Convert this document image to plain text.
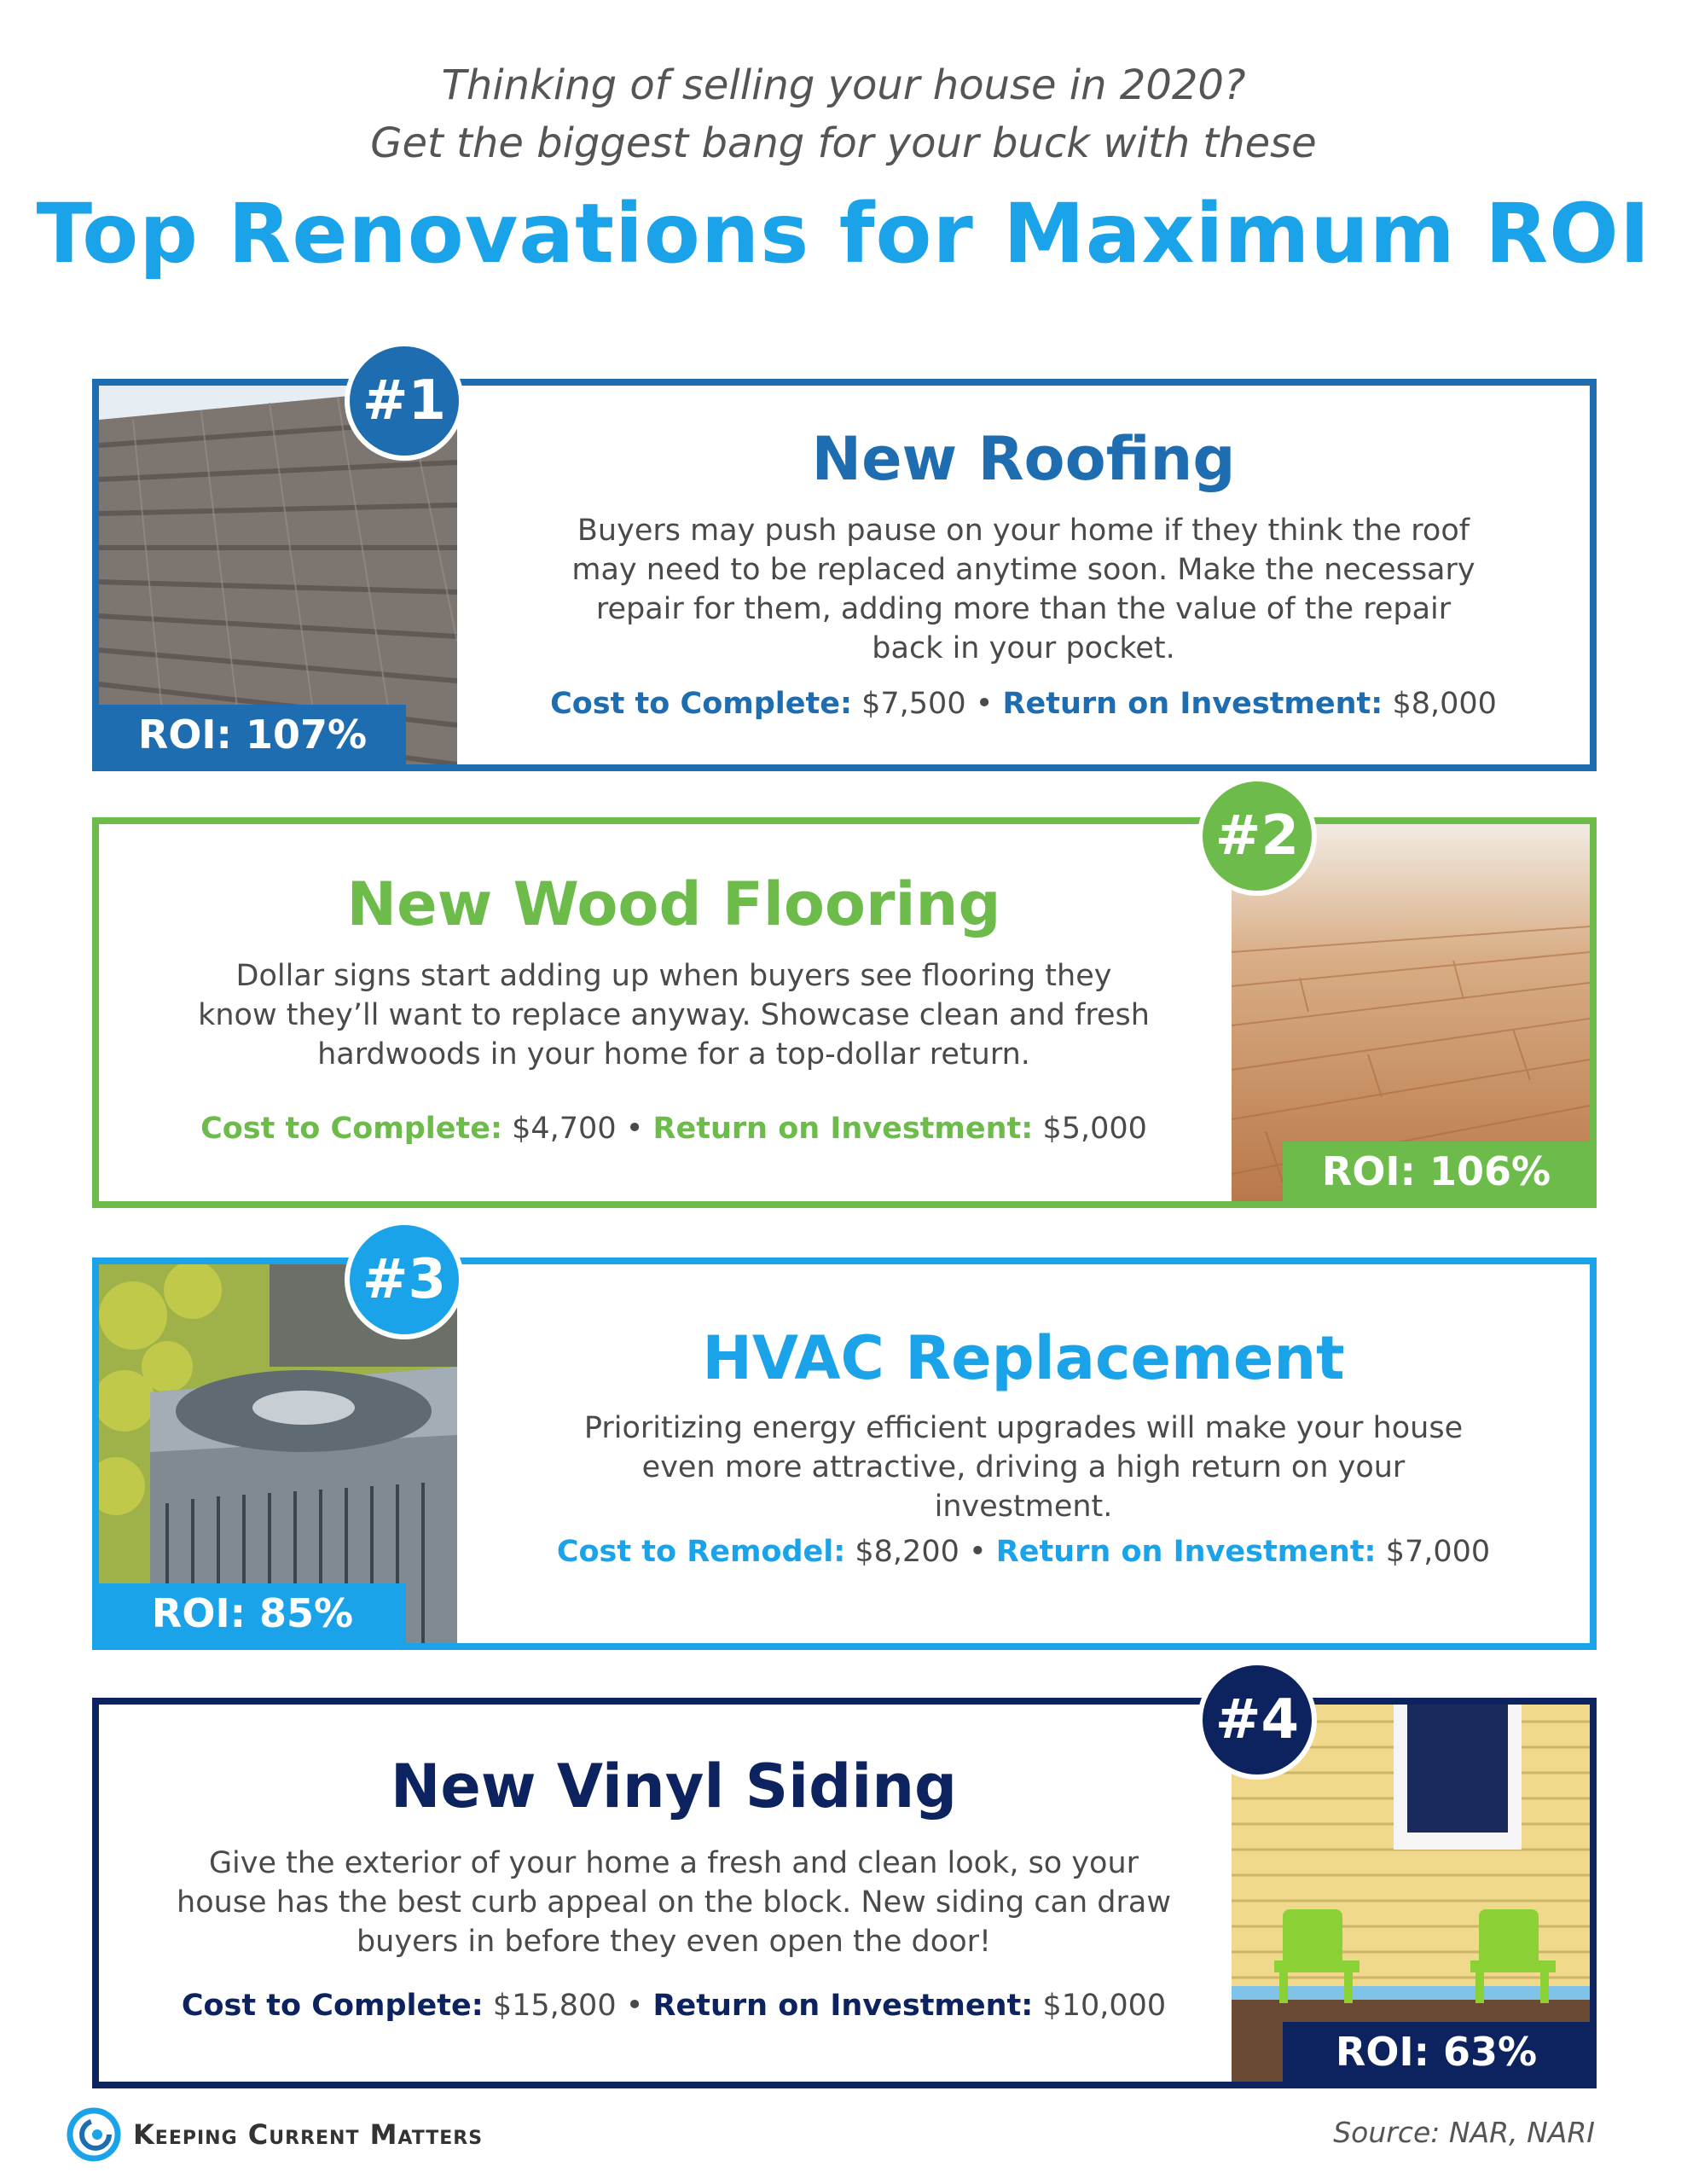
Thinking of selling your house in 2020?
Get the biggest bang for your buck with these
Top Renovations for Maximum ROI
ROI: 107%
New Roofing

Buyers may push pause on your home if they think the roof may need to be replaced anytime soon. Make the necessary repair for them, adding more than the value of the repair back in your pocket.

Cost to Complete: $7,500 • Return on Investment: $8,000
#1
ROI: 106%
New Wood Flooring

Dollar signs start adding up when buyers see flooring they know they’ll want to replace anyway. Showcase clean and fresh hardwoods in your home for a top-dollar return.

Cost to Complete: $4,700 • Return on Investment: $5,000
#2
ROI: 85%
HVAC Replacement

Prioritizing energy efficient upgrades will make your house even more attractive, driving a high return on your investment.

Cost to Remodel: $8,200 • Return on Investment: $7,000
#3
ROI: 63%
New Vinyl Siding

Give the exterior of your home a fresh and clean look, so your house has the best curb appeal on the block. New siding can draw buyers in before they even open the door!

Cost to Complete: $15,800 • Return on Investment: $10,000
#4
Keeping Current Matters	Source: NAR, NARI
